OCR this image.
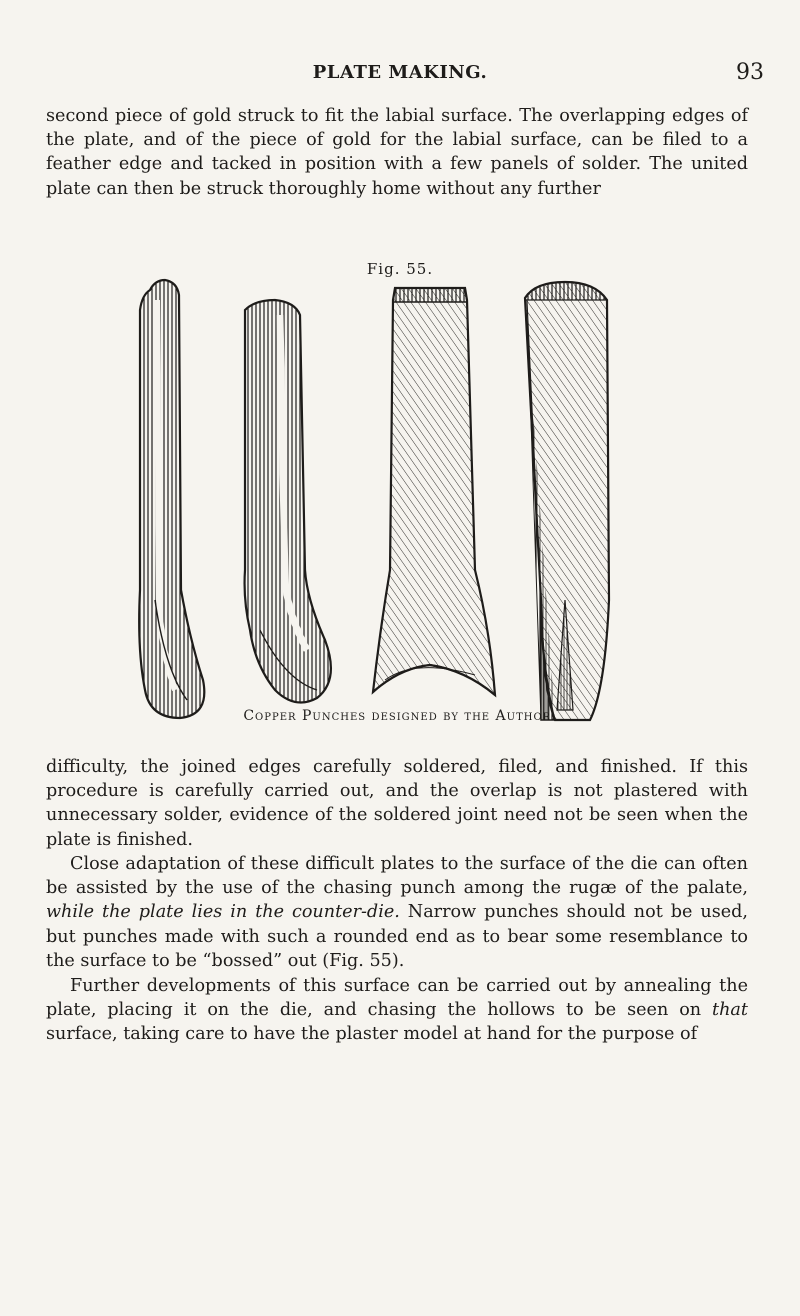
PLATE MAKING.	93

second piece of gold struck to fit the labial surface. The overlapping edges of the plate, and of the piece of gold for the labial surface, can be filed to a feather edge and tacked in position with a few panels of solder. The united plate can then be struck thoroughly home without any further

Fig. 55.
Copper Punches designed by the Author.

difficulty, the joined edges carefully soldered, filed, and finished. If this procedure is carefully carried out, and the overlap is not plastered with unnecessary solder, evidence of the soldered joint need not be seen when the plate is finished.

Close adaptation of these difficult plates to the surface of the die can often be assisted by the use of the chasing punch among the rugæ of the palate, while the plate lies in the counter-die. Narrow punches should not be used, but punches made with such a rounded end as to bear some resemblance to the surface to be “bossed” out (Fig. 55).

Further developments of this surface can be carried out by annealing the plate, placing it on the die, and chasing the hollows to be seen on that surface, taking care to have the plaster model at hand for the purpose of
